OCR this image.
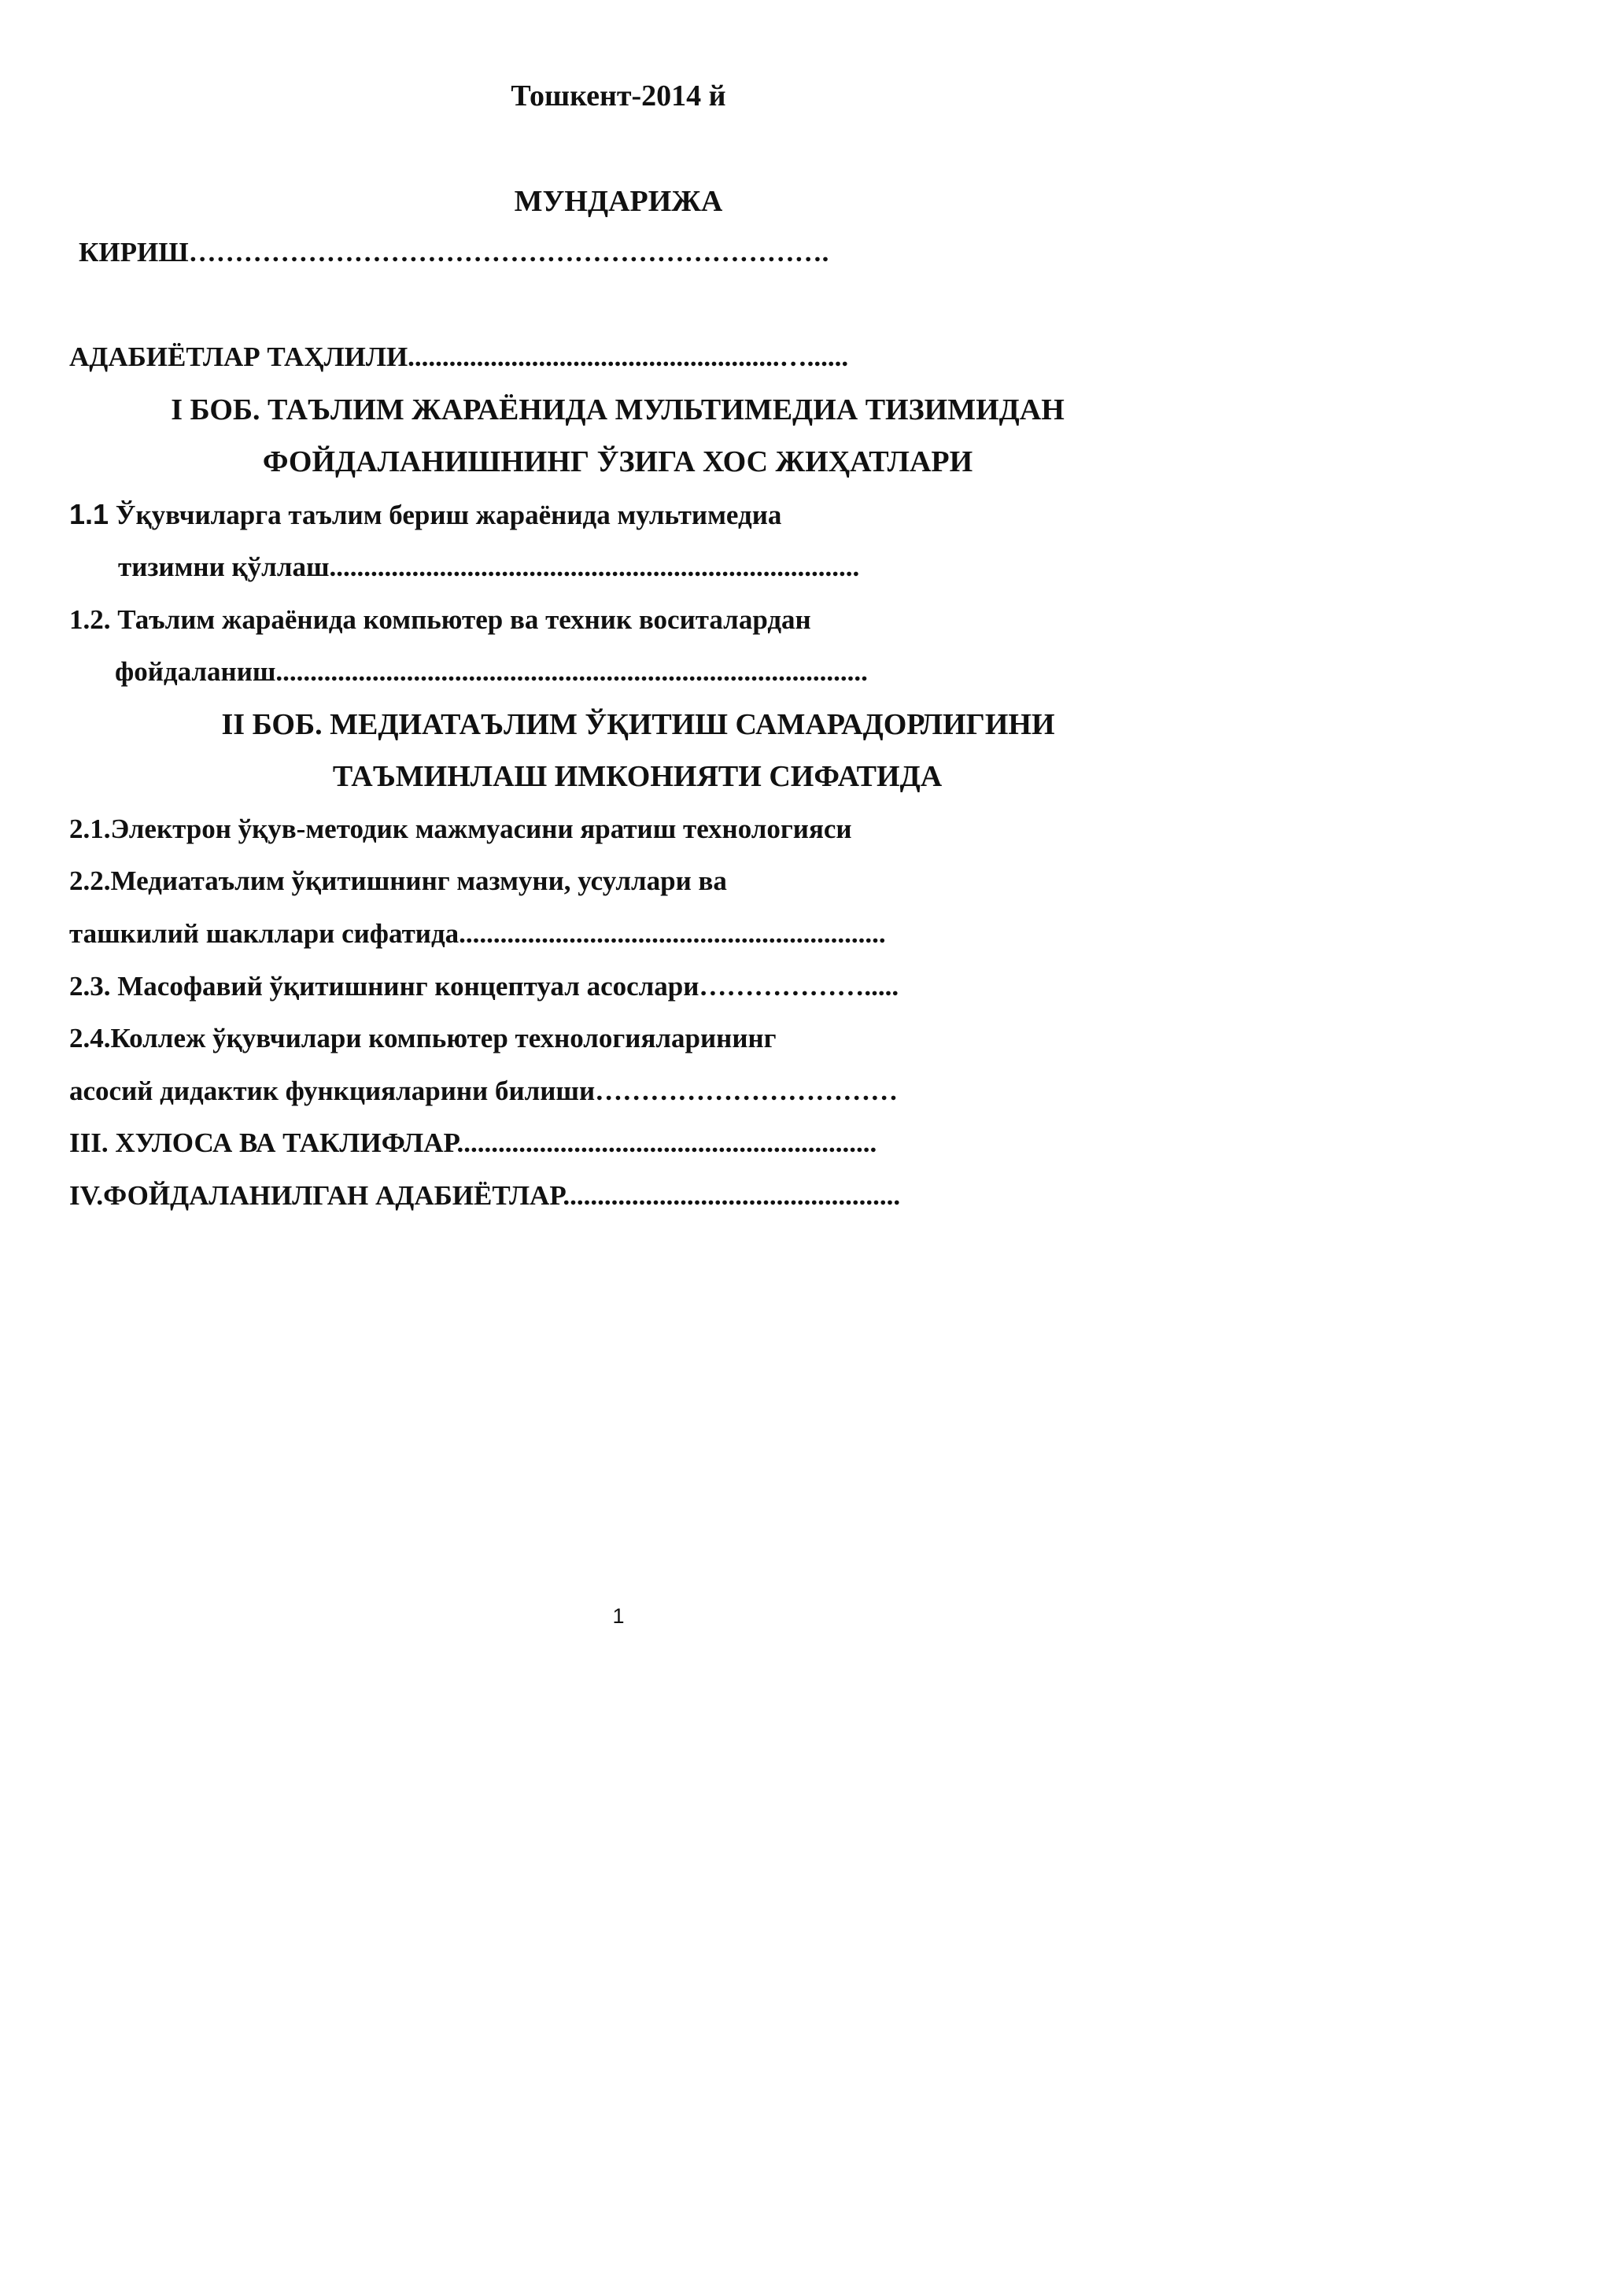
Тошкент-2014 й
МУНДАРИЖА
КИРИШ…………………………………………………………….
АДАБИЁТЛАР ТАҲЛИЛИ......................................................…......
I БОБ. ТАЪЛИМ ЖАРАЁНИДА МУЛЬТИМЕДИА ТИЗИМИДАН
ФОЙДАЛАНИШНИНГ ЎЗИГА ХОС ЖИҲАТЛАРИ
1.1 Ўқувчиларга таълим бериш жараёнида мультимедиа
тизимни қўллаш.............................................................................
1.2. Таълим жараёнида компьютер ва техник воситалардан
фойдаланиш......................................................................................
II БОБ. МЕДИАТАЪЛИМ ЎҚИТИШ САМАРАДОРЛИГИНИ
ТАЪМИНЛАШ ИМКОНИЯТИ СИФАТИДА
2.1.Электрон ўқув-методик мажмуасини яратиш технологияси
2.2.Медиатаълим ўқитишнинг мазмуни, усуллари ва
ташкилий шакллари сифатида..............................................................
2.3. Масофавий ўқитишнинг концептуал асослари……………….....
2.4.Коллеж ўқувчилари компьютер технологияларининг
асосий дидактик функцияларини билиши……………………………
III. ХУЛОСА ВА ТАКЛИФЛАР.............................................................
IV.ФОЙДАЛАНИЛГАН АДАБИЁТЛАР.................................................
1
